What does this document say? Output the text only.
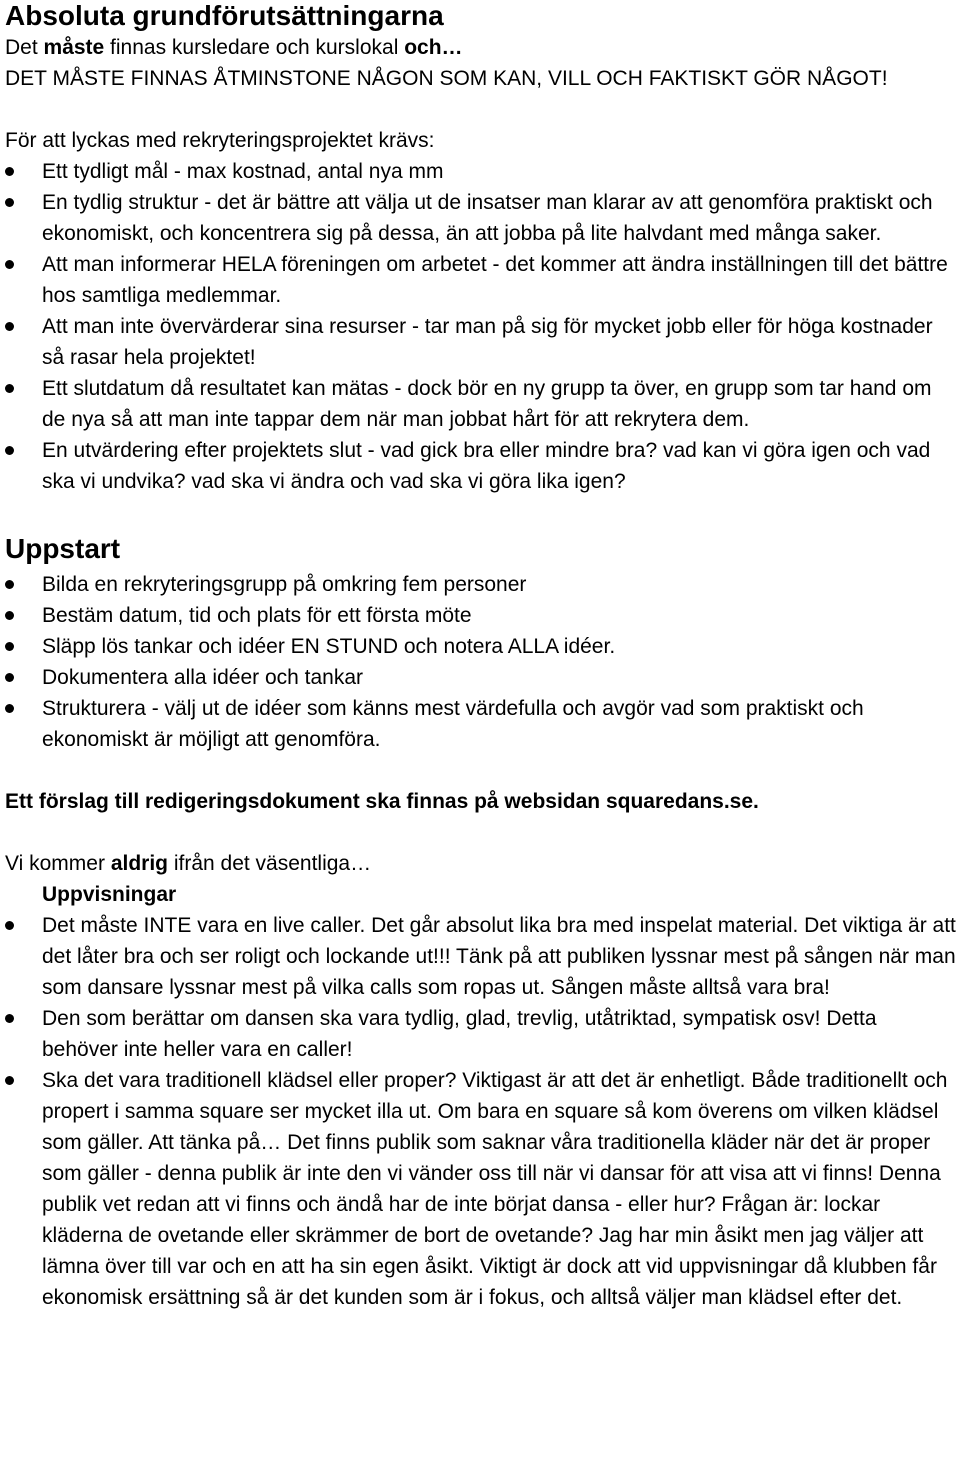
Absoluta grundförutsättningarna

Det måste finnas kursledare och kurslokal och…

DET MÅSTE FINNAS ÅTMINSTONE NÅGON SOM KAN, VILL OCH FAKTISKT GÖR NÅGOT!

För att lyckas med rekryteringsprojektet krävs:

Ett tydligt mål - max kostnad, antal nya mm
En tydlig struktur - det är bättre att välja ut de insatser man klarar av att genomföra praktiskt och ekonomiskt, och koncentrera sig på dessa, än att jobba på lite halvdant med många saker.
Att man informerar HELA föreningen om arbetet - det kommer att ändra inställningen till det bättre hos samtliga medlemmar.
Att man inte övervärderar sina resurser - tar man på sig för mycket jobb eller för höga kostnader så rasar hela projektet!
Ett slutdatum då resultatet kan mätas - dock bör en ny grupp ta över, en grupp som tar hand om de nya så att man inte tappar dem när man jobbat hårt för att rekrytera dem.
En utvärdering efter projektets slut - vad gick bra eller mindre bra? vad kan vi göra igen och vad ska vi undvika? vad ska vi ändra och vad ska vi göra lika igen?
Uppstart
Bilda en rekryteringsgrupp på omkring fem personer
Bestäm datum, tid och plats för ett första möte
Släpp lös tankar och idéer EN STUND och notera ALLA idéer.
Dokumentera alla idéer och tankar
Strukturera - välj ut de idéer som känns mest värdefulla och avgör vad som praktiskt och ekonomiskt är möjligt att genomföra.

Ett förslag till redigeringsdokument ska finnas på websidan squaredans.se.

Vi kommer aldrig ifrån det väsentliga…

Uppvisningar

Det måste INTE vara en live caller. Det går absolut lika bra med inspelat material. Det viktiga är att det låter bra och ser roligt och lockande ut!!! Tänk på att publiken lyssnar mest på sången när man som dansare lyssnar mest på vilka calls som ropas ut. Sången måste alltså vara bra!
Den som berättar om dansen ska vara tydlig, glad, trevlig, utåtriktad, sympatisk osv! Detta behöver inte heller vara en caller!
Ska det vara traditionell klädsel eller proper? Viktigast är att det är enhetligt. Både traditionellt och propert i samma square ser mycket illa ut. Om bara en square så kom överens om vilken klädsel som gäller. Att tänka på… Det finns publik som saknar våra traditionella kläder när det är proper som gäller - denna publik är inte den vi vänder oss till när vi dansar för att visa att vi finns! Denna publik vet redan att vi finns och ändå har de inte börjat dansa - eller hur? Frågan är: lockar kläderna de ovetande eller skrämmer de bort de ovetande? Jag har min åsikt men jag väljer att lämna över till var och en att ha sin egen åsikt. Viktigt är dock att vid uppvisningar då klubben får ekonomisk ersättning så är det kunden som är i fokus, och alltså väljer man klädsel efter det.
